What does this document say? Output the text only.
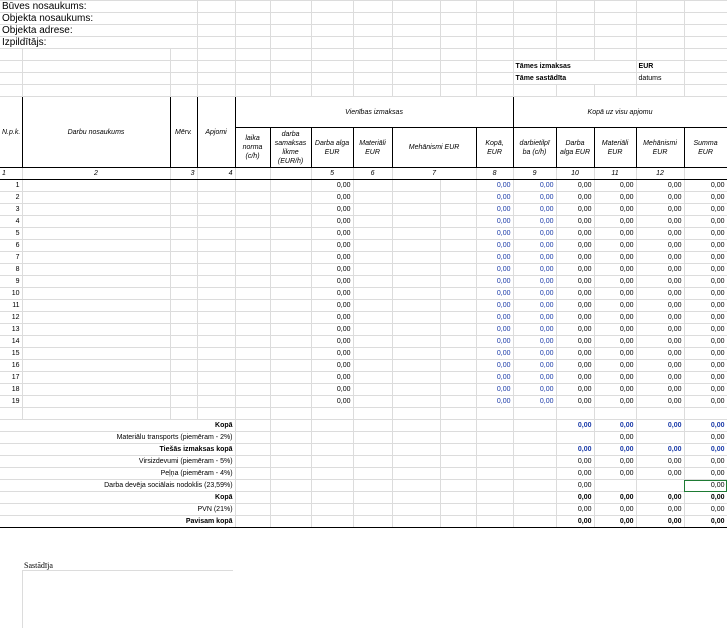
Būves nosaukums:															
Objekta nosaukums:															
Objekta adrese:															
Izpildītājs:															

											Tāmes izmaksas			EUR	
											Tāme sastādīta			datums	

N.p.k.	Darbu nosaukums	Mērv.	Apjomi	Vienības izmaksas							Kopā uz visu apjomu				
				laika norma (c/h)	darba samaksas likme (EUR/h)	Darba alga EUR	Materiāli EUR	Mehānismi EUR		Kopā, EUR	darbietilpī ba (c/h)	Darba alga EUR	Materiāli EUR	Mehānismi EUR	Summa EUR

1	2	3	4			5	6	7		8	9	10	11	12	
1						0,00				0,00	0,00	0,00	0,00	0,00	0,00
2						0,00				0,00	0,00	0,00	0,00	0,00	0,00
3						0,00				0,00	0,00	0,00	0,00	0,00	0,00
4						0,00				0,00	0,00	0,00	0,00	0,00	0,00
5						0,00				0,00	0,00	0,00	0,00	0,00	0,00
6						0,00				0,00	0,00	0,00	0,00	0,00	0,00
7						0,00				0,00	0,00	0,00	0,00	0,00	0,00
8						0,00				0,00	0,00	0,00	0,00	0,00	0,00
9						0,00				0,00	0,00	0,00	0,00	0,00	0,00
10						0,00				0,00	0,00	0,00	0,00	0,00	0,00
11						0,00				0,00	0,00	0,00	0,00	0,00	0,00
12						0,00				0,00	0,00	0,00	0,00	0,00	0,00
13						0,00				0,00	0,00	0,00	0,00	0,00	0,00
14						0,00				0,00	0,00	0,00	0,00	0,00	0,00
15						0,00				0,00	0,00	0,00	0,00	0,00	0,00
16						0,00				0,00	0,00	0,00	0,00	0,00	0,00
17						0,00				0,00	0,00	0,00	0,00	0,00	0,00
18						0,00				0,00	0,00	0,00	0,00	0,00	0,00
19						0,00				0,00	0,00	0,00	0,00	0,00	0,00

Kopā												0,00	0,00	0,00	0,00
Materiālu transports (piemēram - 2%)													0,00		0,00
Tiešās izmaksas kopā												0,00	0,00	0,00	0,00
Virsizdevumi (piemēram - 5%)												0,00	0,00	0,00	0,00
Peļņa (piemēram - 4%)												0,00	0,00	0,00	0,00
Darba devēja sociālais nodoklis (23,59%)												0,00			0,00
Kopā												0,00	0,00	0,00	0,00
PVN (21%)												0,00	0,00	0,00	0,00
Pavisam kopā												0,00	0,00	0,00	0,00
Sastādīja
